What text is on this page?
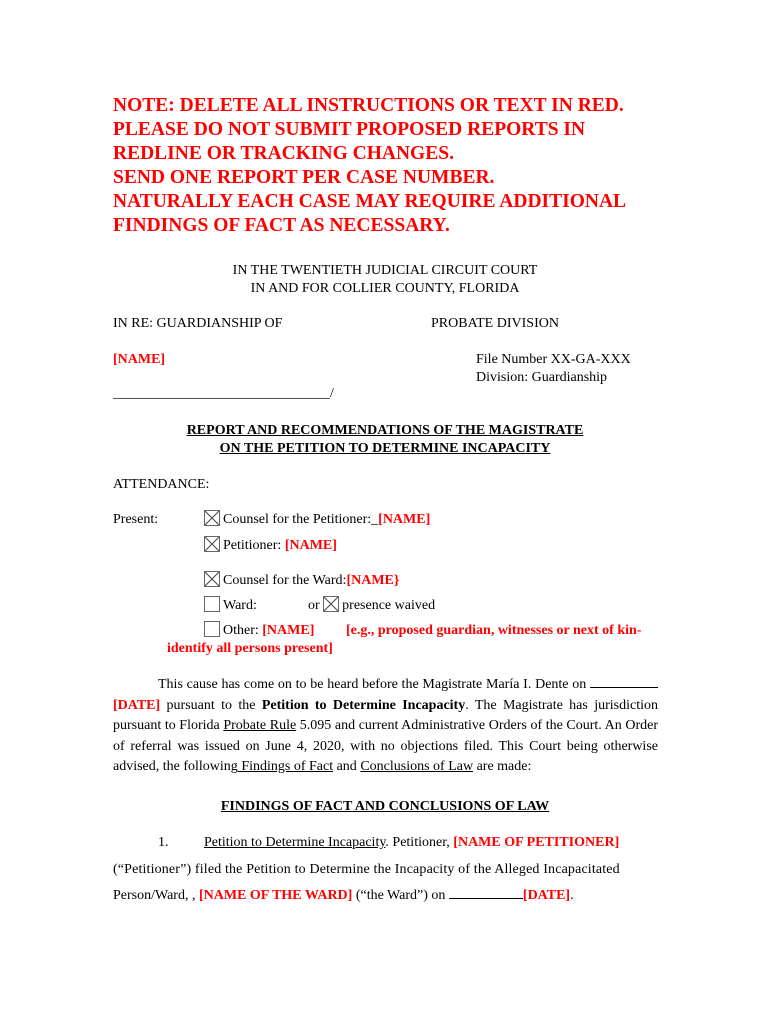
NOTE: DELETE ALL INSTRUCTIONS OR TEXT IN RED.
PLEASE DO NOT SUBMIT PROPOSED REPORTS IN
REDLINE OR TRACKING CHANGES.
SEND ONE REPORT PER CASE NUMBER.
NATURALLY EACH CASE MAY REQUIRE ADDITIONAL
FINDINGS OF FACT AS NECESSARY.
IN THE TWENTIETH JUDICIAL CIRCUIT COURT
IN AND FOR COLLIER COUNTY, FLORIDA
IN RE: GUARDIANSHIP OF	PROBATE DIVISION
[NAME]	File Number XX-GA-XXX
Division: Guardianship
_______________________________/
REPORT AND RECOMMENDATIONS OF THE MAGISTRATE
ON THE PETITION TO DETERMINE INCAPACITY
ATTENDANCE:
Present:	Counsel for the Petitioner:_[NAME]
Petitioner: [NAME]
Counsel for the Ward:[NAME}
Ward:	or presence waived
Other: [NAME] [e.g., proposed guardian, witnesses or next of kin-
identify all persons present]
This cause has come on to be heard before the Magistrate María I. Dente on [DATE] pursuant to the Petition to Determine Incapacity. The Magistrate has jurisdiction pursuant to Florida Probate Rule 5.095 and current Administrative Orders of the Court. An Order of referral was issued on June 4, 2020, with no objections filed. This Court being otherwise advised, the following Findings of Fact and Conclusions of Law are made:
FINDINGS OF FACT AND CONCLUSIONS OF LAW
1.	Petition to Determine Incapacity. Petitioner, [NAME OF PETITIONER]
(“Petitioner”) filed the Petition to Determine the Incapacity of the Alleged Incapacitated
Person/Ward, , [NAME OF THE WARD] (“the Ward”) on	[DATE].
